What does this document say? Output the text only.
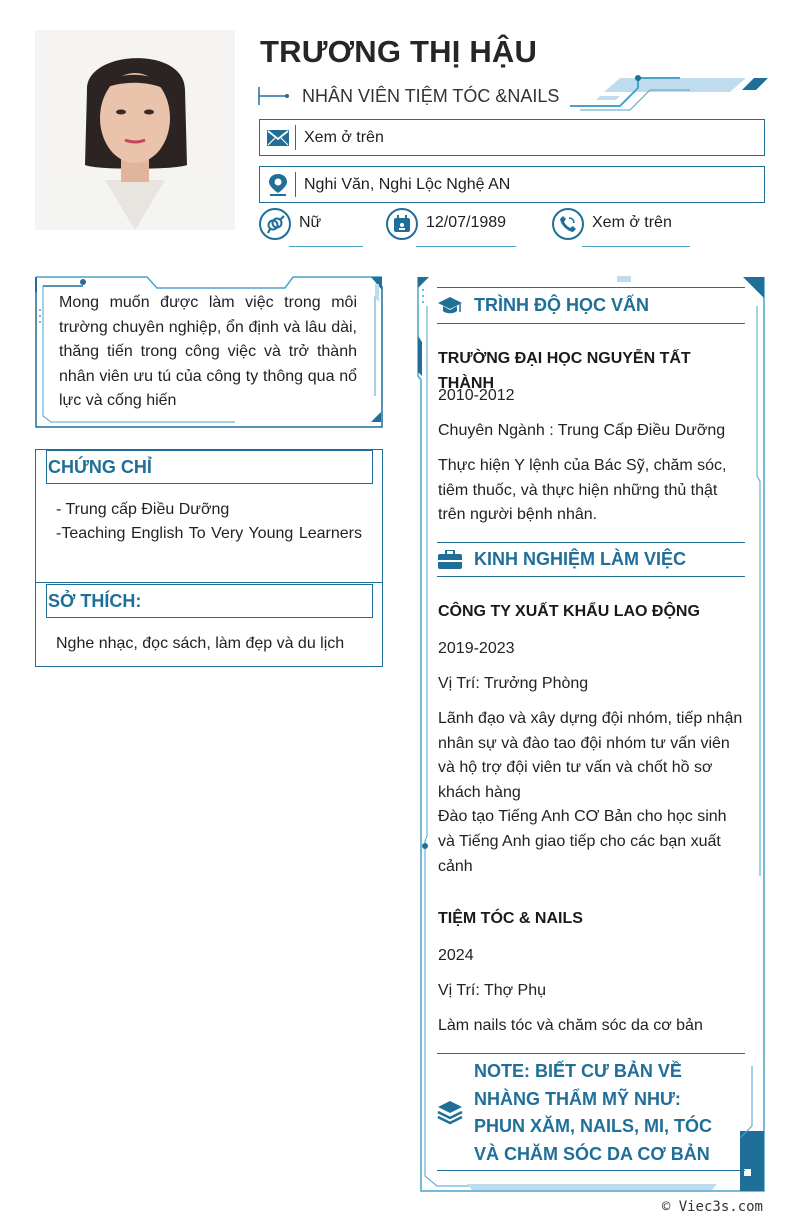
TRƯƠNG THỊ HẬU
NHÂN VIÊN TIỆM TÓC &NAILS
Xem ở trên
Nghi Văn, Nghi Lộc Nghệ AN
Nữ	12/07/1989	Xem ở trên
Mong muốn được làm việc trong môi trường chuyên nghiệp, ổn định và lâu dài, thăng tiến trong công việc và trở thành nhân viên ưu tú của công ty thông qua nổ lực và cống hiến
CHỨNG CHỈ
- Trung cấp Điều Dưỡng
-Teaching English To Very Young Learners
SỞ THÍCH:
Nghe nhạc, đọc sách, làm đẹp và du lịch
TRÌNH ĐỘ HỌC VẤN
TRƯỜNG ĐẠI HỌC NGUYỄN TẤT THÀNH
2010-2012
Chuyên Ngành : Trung Cấp Điều Dưỡng
Thực hiện Y lệnh của Bác Sỹ, chăm sóc, tiêm thuốc, và thực hiện những thủ thật trên người bệnh nhân.
KINH NGHIỆM LÀM VIỆC
CÔNG TY XUẤT KHẨU LAO ĐỘNG
2019-2023
Vị Trí: Trưởng Phòng
Lãnh đạo và xây dựng đội nhóm, tiếp nhận nhân sự và đào tao đội nhóm tư vấn viên và hộ trợ đội viên tư vấn và chốt hồ sơ khách hàng
Đào tạo Tiếng Anh CƠ Bản cho học sinh và Tiếng Anh giao tiếp cho các bạn xuất cảnh
TIỆM TÓC & NAILS
2024
Vị Trí: Thợ Phụ
Làm nails tóc và chăm sóc da cơ bản
NOTE: BIẾT CƯ BẢN VỀ NHÀNG THẨM MỸ NHƯ: PHUN XĂM, NAILS, MI, TÓC VÀ CHĂM SÓC DA CƠ BẢN
© Viec3s.com
